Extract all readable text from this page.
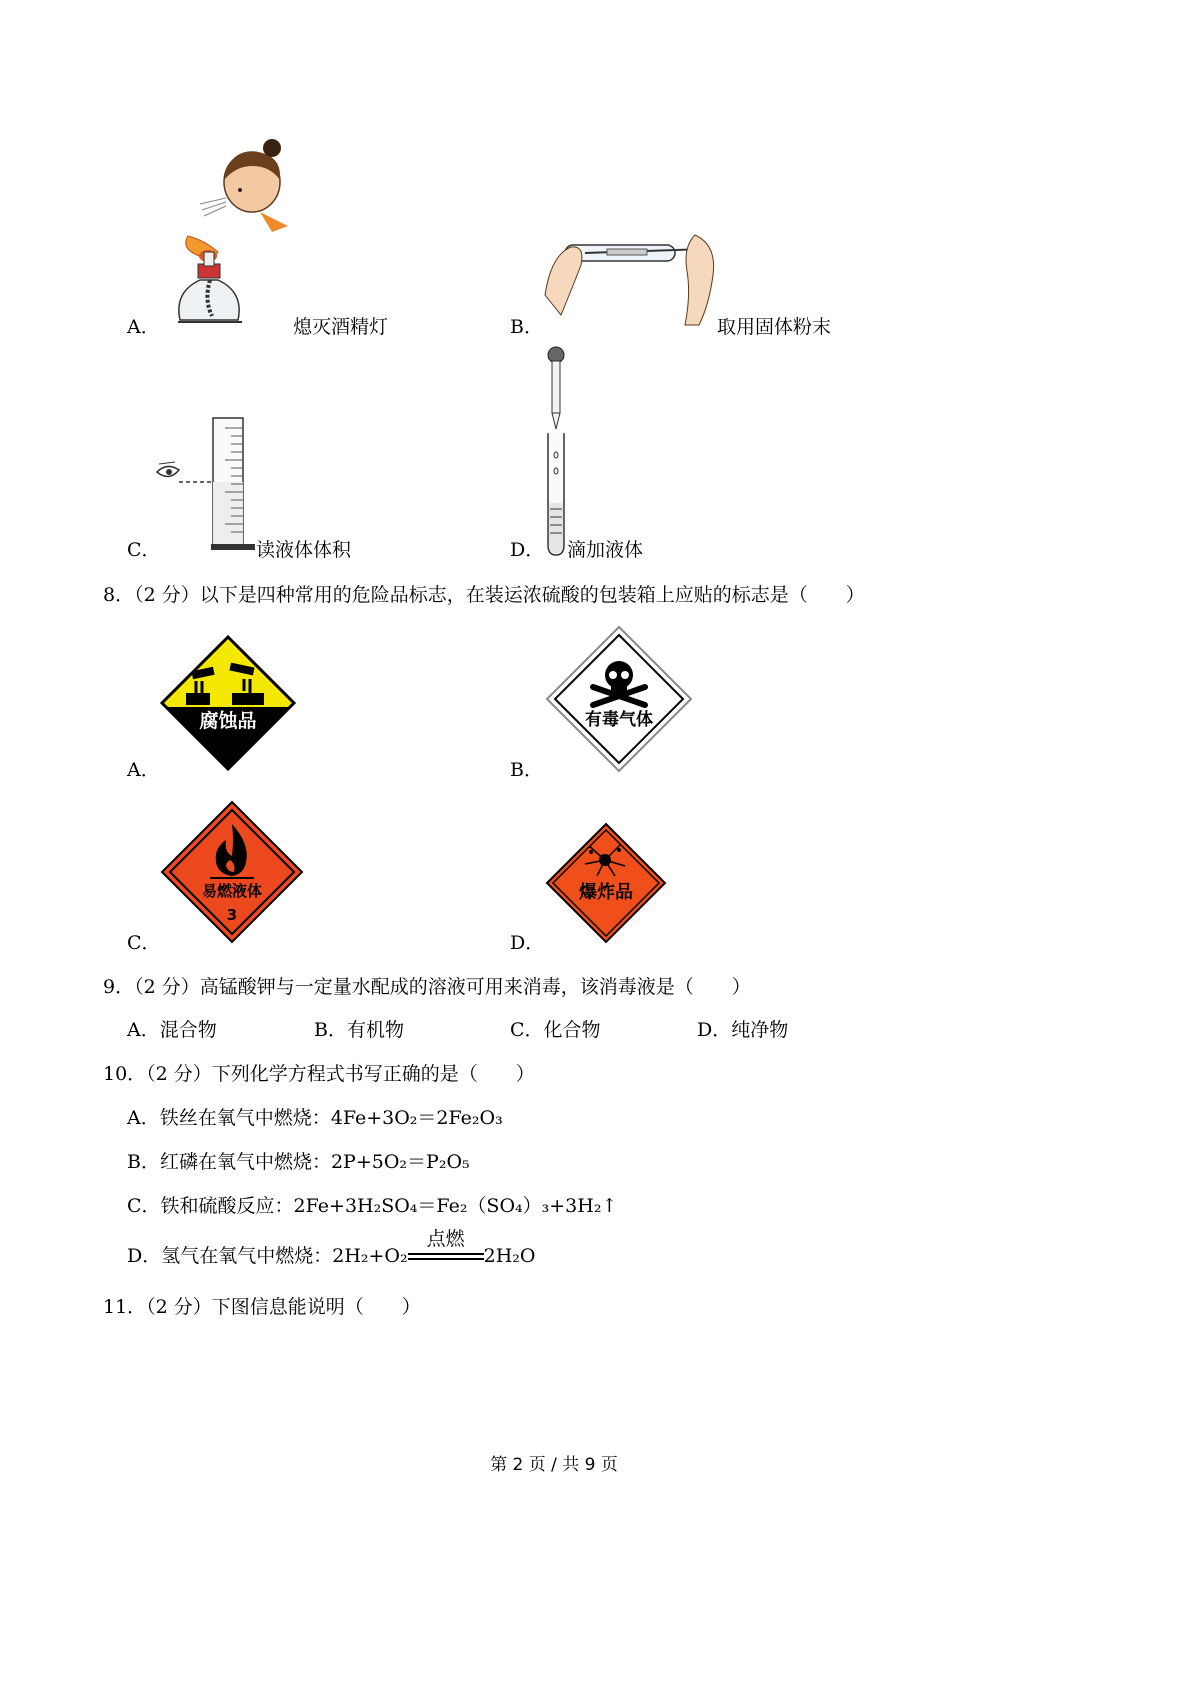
A．	熄灭酒精灯	B．	取用固体粉末
C．	读液体体积	D． 滴加液体
8．（2 分）以下是四种常用的危险品标志，在装运浓硫酸的包装箱上应贴的标志是（　　）
腐蚀品
A．
有毒气体
B．
易燃液体
3
C．
爆炸品
D．
9．（2 分）高锰酸钾与一定量水配成的溶液可用来消毒，该消毒液是（　　）
A．混合物	B．有机物	C．化合物	D．纯净物
10．（2 分）下列化学方程式书写正确的是（　　）
A．铁丝在氧气中燃烧：4Fe+3O₂＝2Fe₂O₃
B．红磷在氧气中燃烧：2P+5O₂＝P₂O₅
C．铁和硫酸反应：2Fe+3H₂SO₄＝Fe₂（SO₄）₃+3H₂↑
D．氢气在氧气中燃烧：2H₂+O₂
点燃
2H₂O
11．（2 分）下图信息能说明（　　）
第 2 页 / 共 9 页
